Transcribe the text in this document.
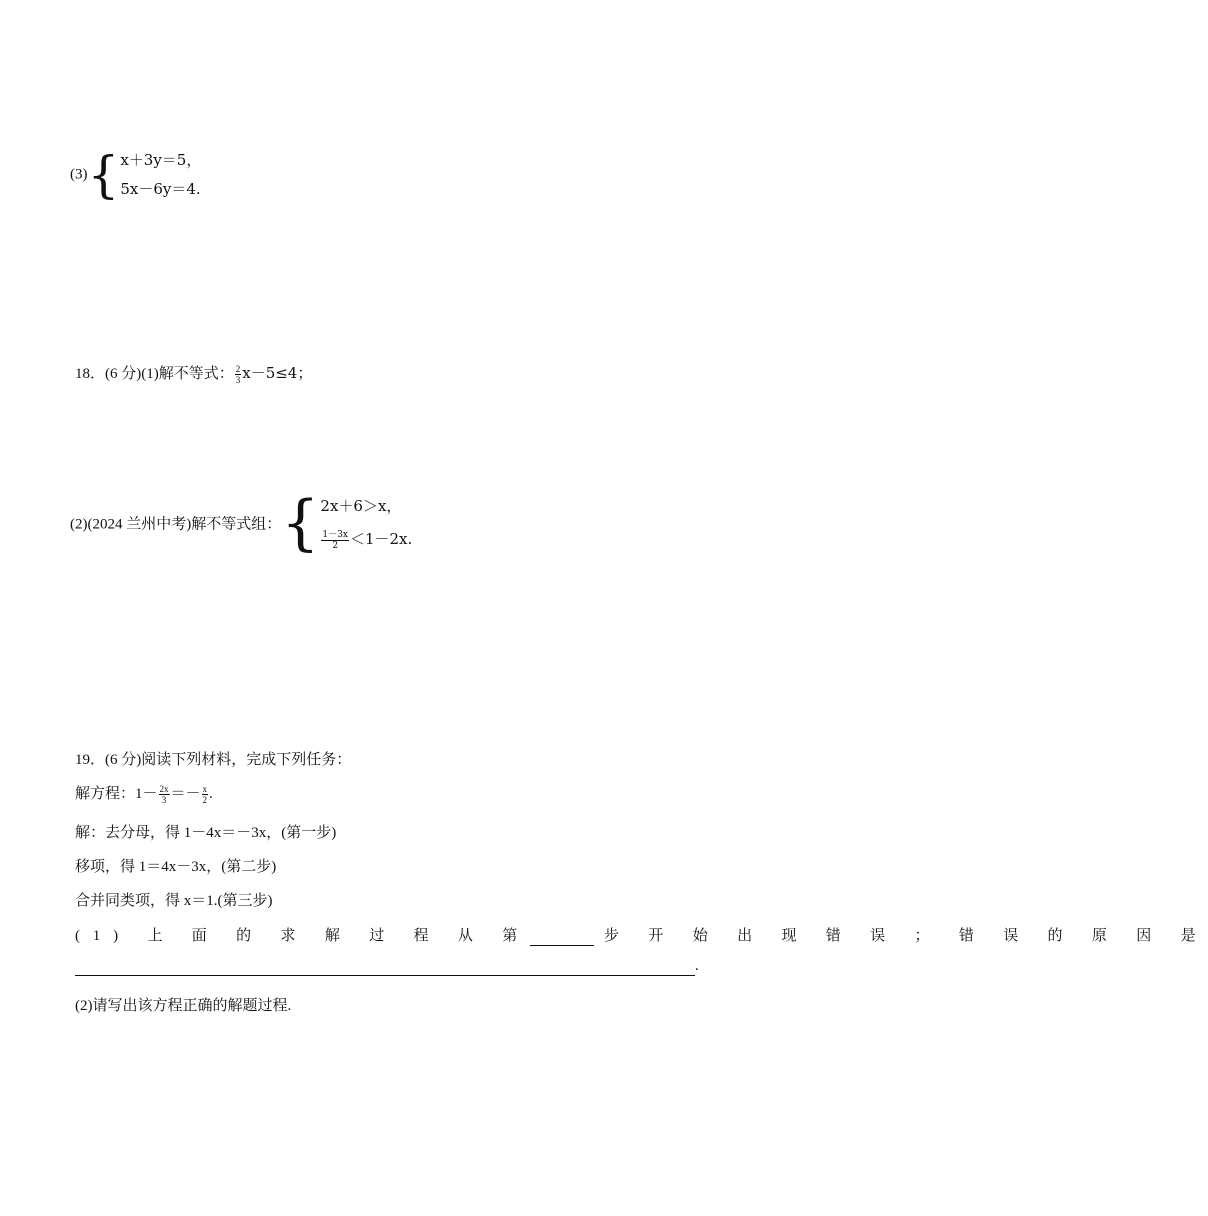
(3){ x＋3y＝5，
5x－6y＝4.
18．(6 分)(1)解不等式： $\frac{2}{3} x-5\le 4$；
(2)(2024 兰州中考)解不等式组：{ 2x＋6＞x，
$\frac{1-3x}{2} <1-2x$.
19．(6 分)阅读下列材料，完成下列任务：
解方程：$1- \frac{2x}{3} =- \frac{x}{2}$ .
解：去分母，得 1－4x＝－3x，(第一步)
移项，得 1＝4x－3x，(第二步)
合并同类项，得 x＝1.(第三步)
(1) 上 面 的 求 解 过 程 从 第	步 开 始 出 现 错 误 ； 错 误 的 原 因 是
.
(2)请写出该方程正确的解题过程.
